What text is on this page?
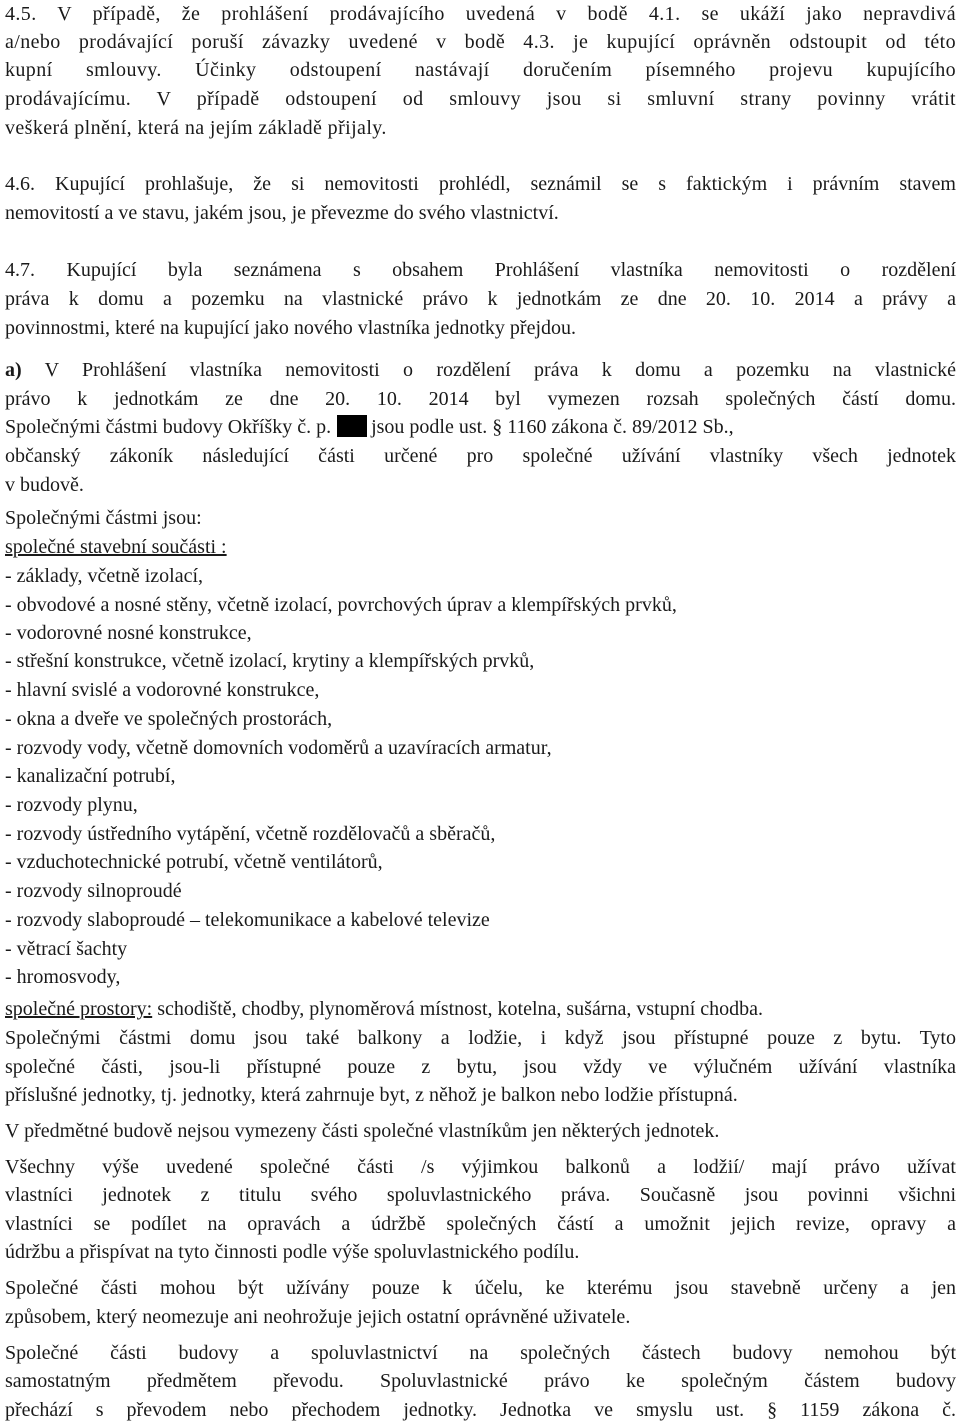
4.5. V případě, že prohlášení prodávajícího uvedená v bodě 4.1. se ukáží jako nepravdivá
a/nebo prodávající poruší závazky uvedené v bodě 4.3. je kupující oprávněn odstoupit od této
kupní smlouvy. Účinky odstoupení nastávají doručením písemného projevu kupujícího
prodávajícímu. V případě odstoupení od smlouvy jsou si smluvní strany povinny vrátit
veškerá plnění, která na jejím základě přijaly.
4.6. Kupující prohlašuje, že si nemovitosti prohlédl, seznámil se s faktickým i právním stavem
nemovitostí a ve stavu, jakém jsou, je převezme do svého vlastnictví.
4.7. Kupující byla seznámena s obsahem Prohlášení vlastníka nemovitosti o rozdělení
práva k domu a pozemku na vlastnické právo k jednotkám ze dne 20. 10. 2014 a právy a
povinnostmi, které na kupující jako nového vlastníka jednotky přejdou.
a) V Prohlášení vlastníka nemovitosti o rozdělení práva k domu a pozemku na vlastnické
právo k jednotkám ze dne 20. 10. 2014 byl vymezen rozsah společných částí domu.
Společnými částmi budovy Okříšky č. p. jsou podle ust. § 1160 zákona č. 89/2012 Sb.,
občanský zákoník následující části určené pro společné užívání vlastníky všech jednotek
v budově.
Společnými částmi jsou:
společné stavební součásti :
- základy, včetně izolací,
- obvodové a nosné stěny, včetně izolací, povrchových úprav a klempířských prvků,
- vodorovné nosné konstrukce,
- střešní konstrukce, včetně izolací, krytiny a klempířských prvků,
- hlavní svislé a vodorovné konstrukce,
- okna a dveře ve společných prostorách,
- rozvody vody, včetně domovních vodoměrů a uzavíracích armatur,
- kanalizační potrubí,
- rozvody plynu,
- rozvody ústředního vytápění, včetně rozdělovačů a sběračů,
- vzduchotechnické potrubí, včetně ventilátorů,
- rozvody silnoproudé
- rozvody slaboproudé – telekomunikace a kabelové televize
- větrací šachty
- hromosvody,
společné prostory: schodiště, chodby, plynoměrová místnost, kotelna, sušárna, vstupní chodba.
Společnými částmi domu jsou také balkony a lodžie, i když jsou přístupné pouze z bytu. Tyto
společné části, jsou-li přístupné pouze z bytu, jsou vždy ve výlučném užívání vlastníka
příslušné jednotky, tj. jednotky, která zahrnuje byt, z něhož je balkon nebo lodžie přístupná.
V předmětné budově nejsou vymezeny části společné vlastníkům jen některých jednotek.
Všechny výše uvedené společné části /s výjimkou balkonů a lodžií/ mají právo užívat
vlastníci jednotek z titulu svého spoluvlastnického práva. Současně jsou povinni všichni
vlastníci se podílet na opravách a údržbě společných částí a umožnit jejich revize, opravy a
údržbu a přispívat na tyto činnosti podle výše spoluvlastnického podílu.
Společné části mohou být užívány pouze k účelu, ke kterému jsou stavebně určeny a jen
způsobem, který neomezuje ani neohrožuje jejich ostatní oprávněné uživatele.
Společné části budovy a spoluvlastnictví na společných částech budovy nemohou být
samostatným předmětem převodu. Spoluvlastnické právo ke společným částem budovy
přechází s převodem nebo přechodem jednotky. Jednotka ve smyslu ust. § 1159 zákona č.
